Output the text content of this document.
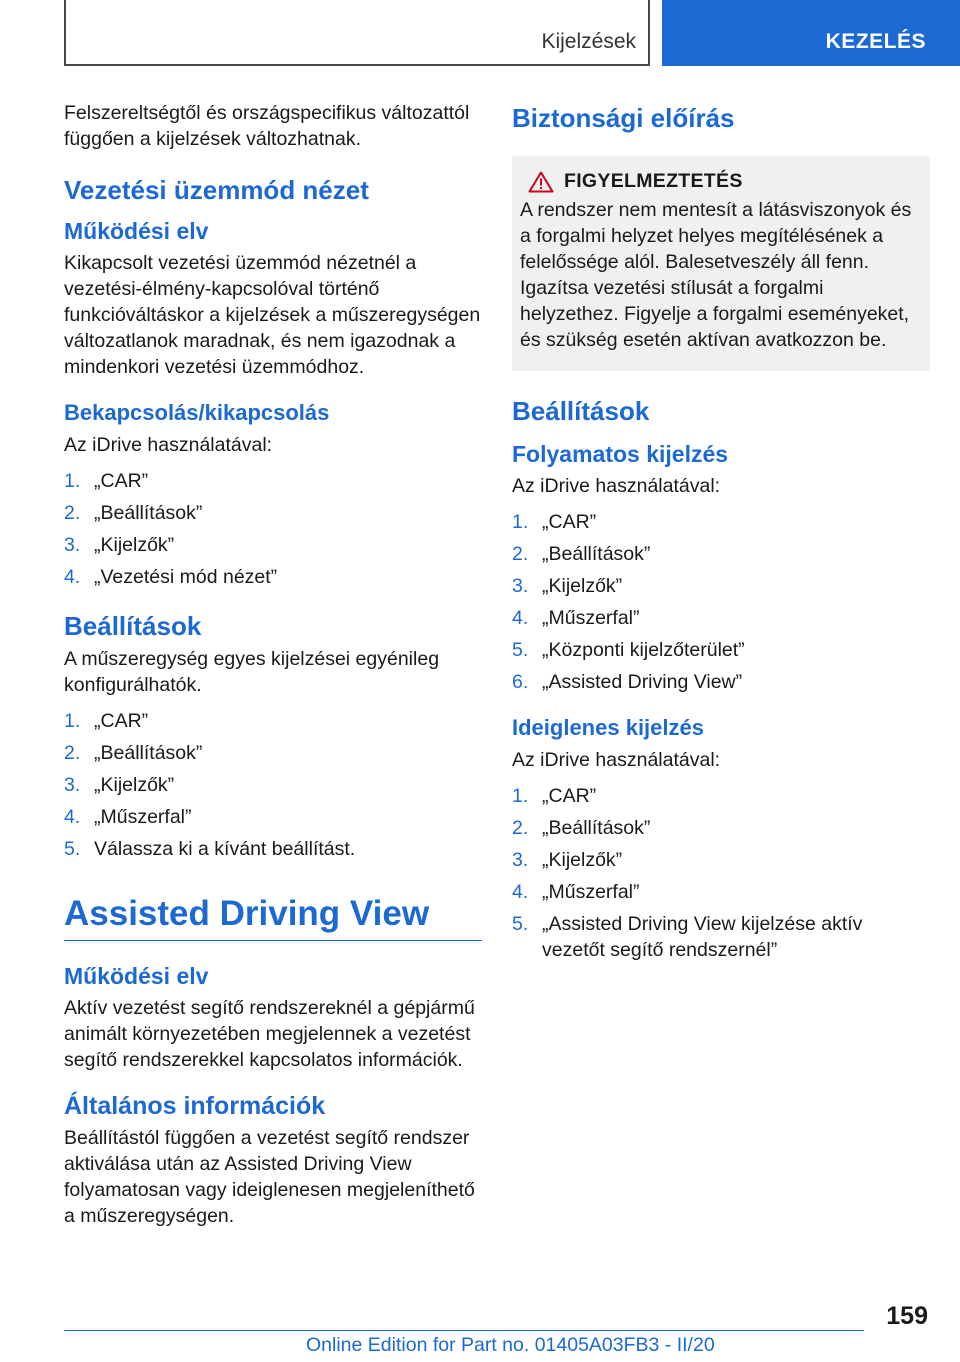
Kijelzések	KEZELÉS

Felszereltségtől és országspecifikus változattól függően a kijelzések változhatnak.

Vezetési üzemmód nézet
Működési elv

Kikapcsolt vezetési üzemmód nézetnél a vezetési-élmény-kapcsolóval történő funkcióváltáskor a kijelzések a műszeregységen változatlanok maradnak, és nem igazodnak a mindenkori vezetési üzemmódhoz.

Bekapcsolás/kikapcsolás

Az iDrive használatával:

1. „CAR”
2. „Beállítások”
3. „Kijelzők”
4. „Vezetési mód nézet”
Beállítások

A műszeregység egyes kijelzései egyénileg konfigurálhatók.

1. „CAR”
2. „Beállítások”
3. „Kijelzők”
4. „Műszerfal”
5. Válassza ki a kívánt beállítást.
Assisted Driving View
Működési elv

Aktív vezetést segítő rendszereknél a gépjármű animált környezetében megjelennek a vezetést segítő rendszerekkel kapcsolatos információk.

Általános információk

Beállítástól függően a vezetést segítő rendszer aktiválása után az Assisted Driving View folyamatosan vagy ideiglenesen megjeleníthető a műszeregységen.

Biztonsági előírás
FIGYELMEZTETÉS

A rendszer nem mentesít a látásviszonyok és a forgalmi helyzet helyes megítélésének a felelőssége alól. Balesetveszély áll fenn. Igazítsa vezetési stílusát a forgalmi helyzethez. Figyelje a forgalmi eseményeket, és szükség esetén aktívan avatkozzon be.

Beállítások
Folyamatos kijelzés

Az iDrive használatával:

1. „CAR”
2. „Beállítások”
3. „Kijelzők”
4. „Műszerfal”
5. „Központi kijelzőterület”
6. „Assisted Driving View”
Ideiglenes kijelzés

Az iDrive használatával:

1. „CAR”
2. „Beállítások”
3. „Kijelzők”
4. „Műszerfal”
5. „Assisted Driving View kijelzése aktív vezetőt segítő rendszernél”
159
Online Edition for Part no. 01405A03FB3 - II/20
